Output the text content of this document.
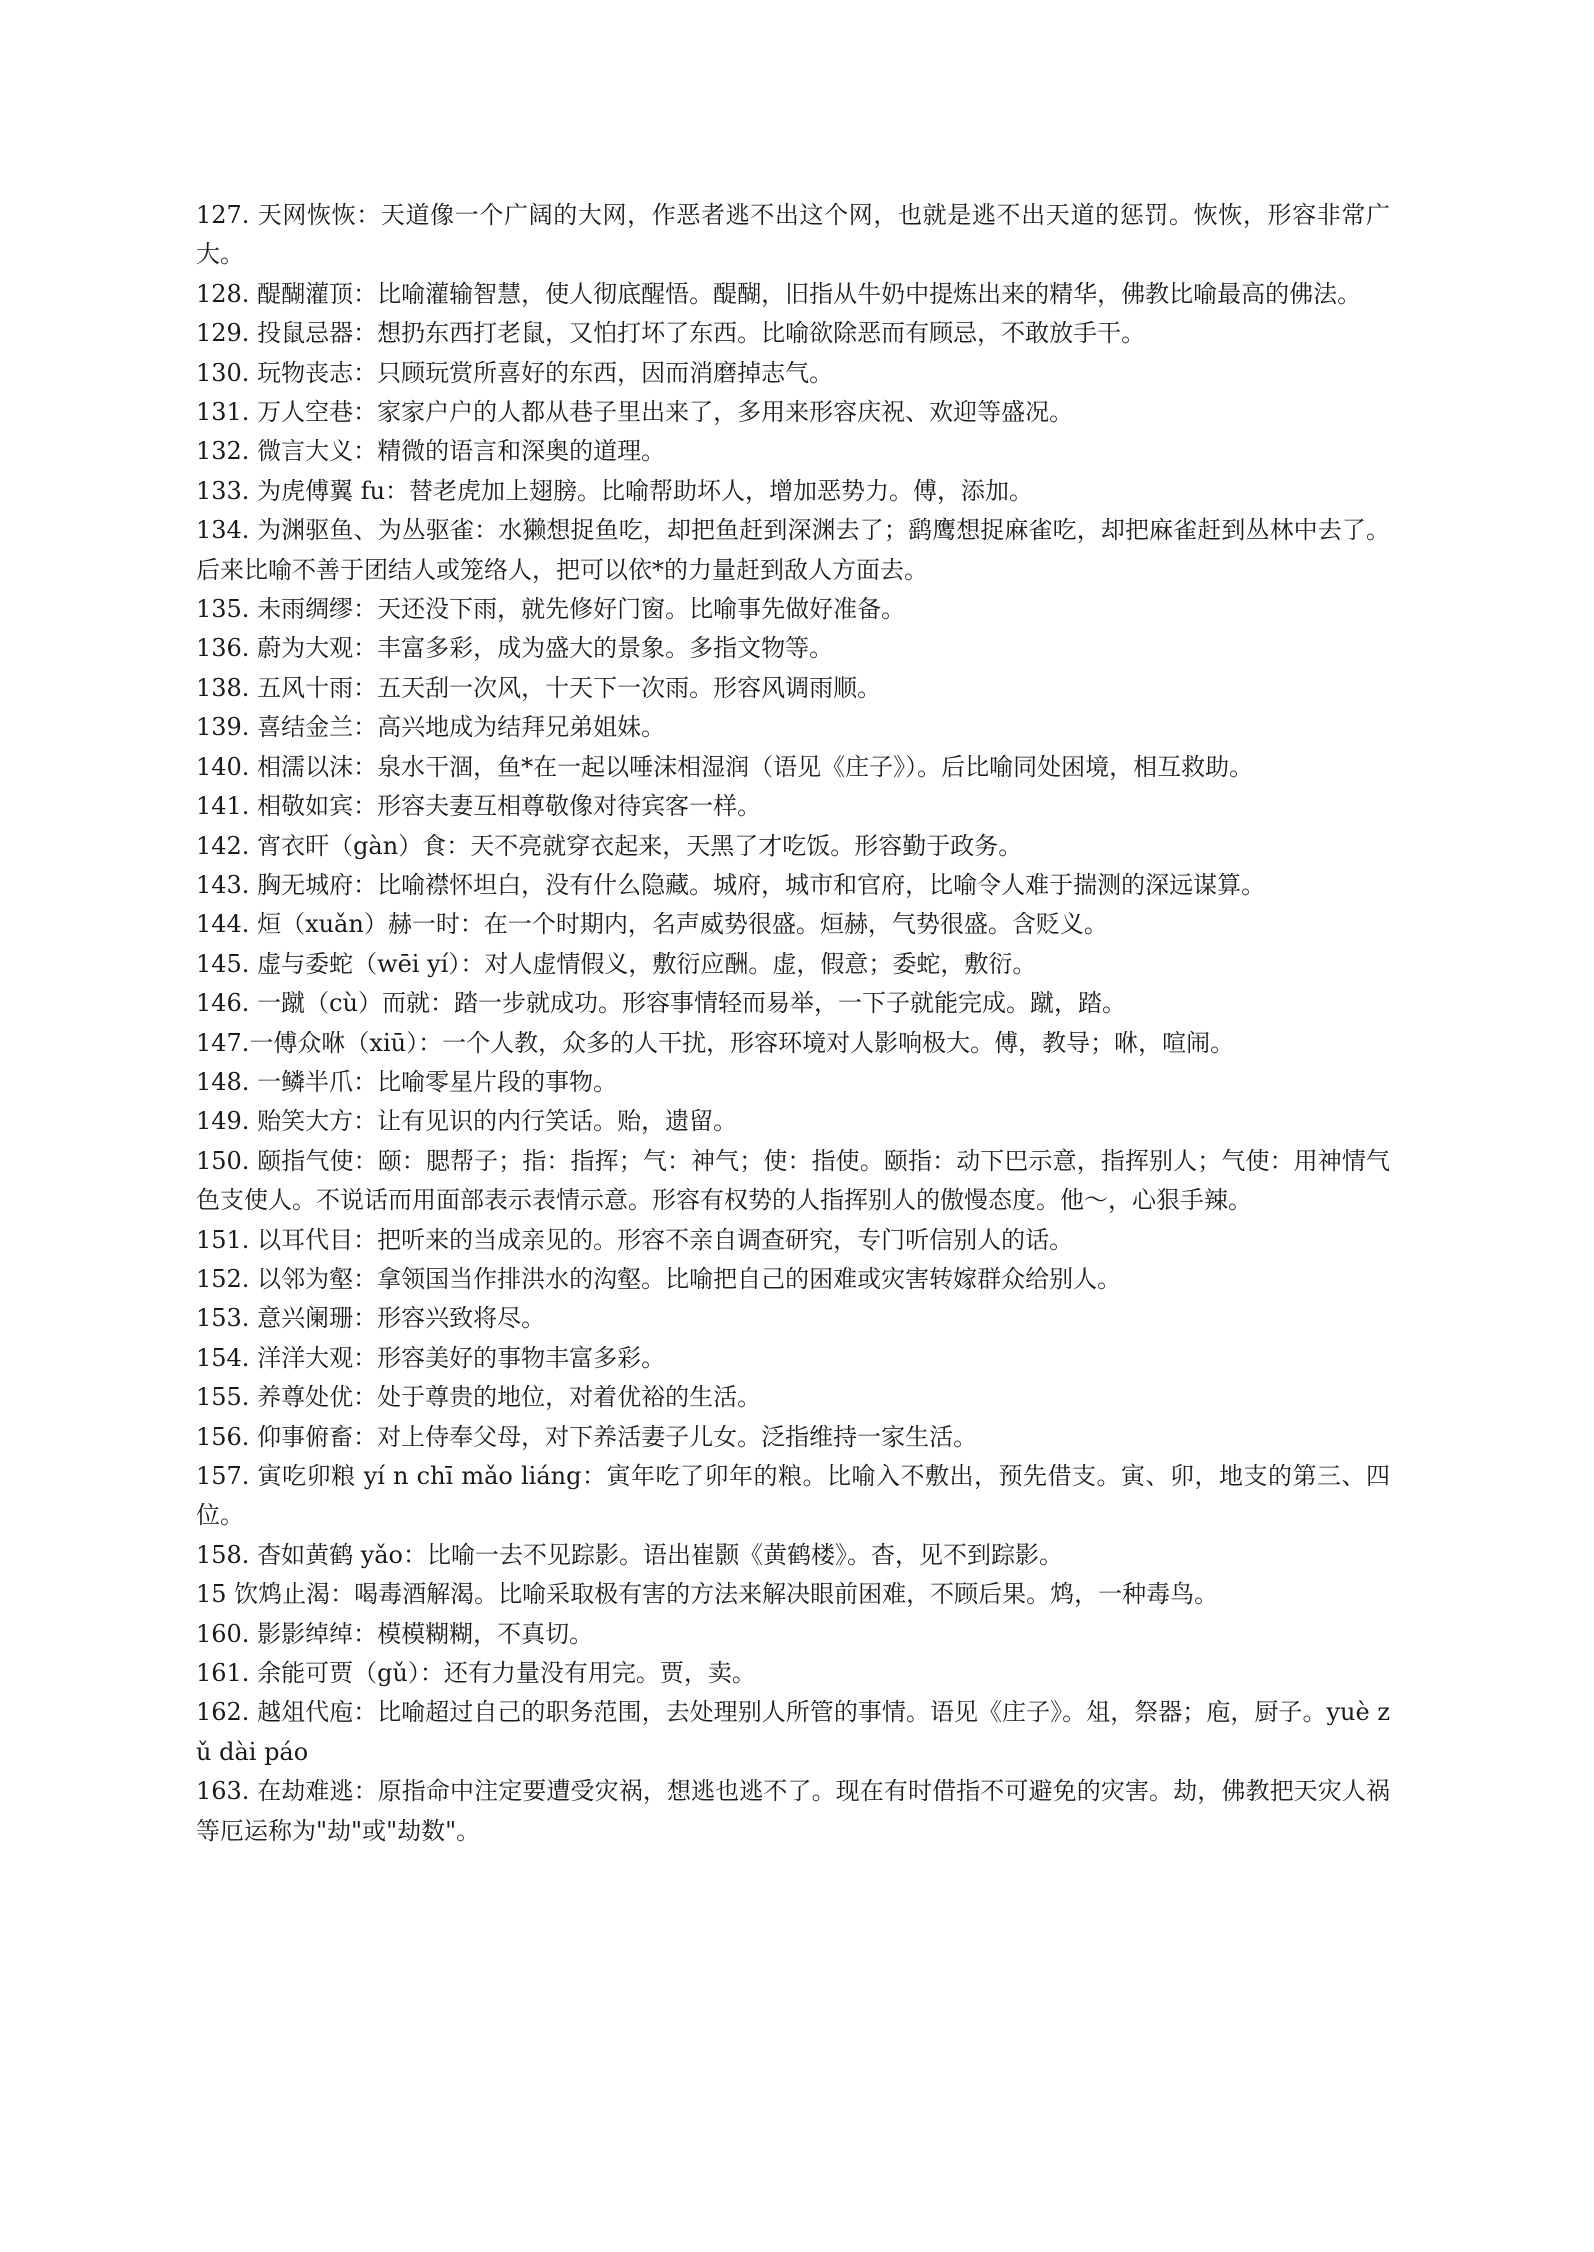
127. 天网恢恢：天道像一个广阔的大网，作恶者逃不出这个网，也就是逃不出天道的惩罚。恢恢，形容非常广大。

128. 醍醐灌顶：比喻灌输智慧，使人彻底醒悟。醍醐，旧指从牛奶中提炼出来的精华，佛教比喻最高的佛法。

129. 投鼠忌器：想扔东西打老鼠，又怕打坏了东西。比喻欲除恶而有顾忌，不敢放手干。

130. 玩物丧志：只顾玩赏所喜好的东西，因而消磨掉志气。

131. 万人空巷：家家户户的人都从巷子里出来了，多用来形容庆祝、欢迎等盛况。

132. 微言大义：精微的语言和深奥的道理。

133. 为虎傅翼 fu：替老虎加上翅膀。比喻帮助坏人，增加恶势力。傅，添加。

134. 为渊驱鱼、为丛驱雀：水獭想捉鱼吃，却把鱼赶到深渊去了；鹞鹰想捉麻雀吃，却把麻雀赶到丛林中去了。后来比喻不善于团结人或笼络人，把可以依*的力量赶到敌人方面去。

135. 未雨绸缪：天还没下雨，就先修好门窗。比喻事先做好准备。

136. 蔚为大观：丰富多彩，成为盛大的景象。多指文物等。

138. 五风十雨：五天刮一次风，十天下一次雨。形容风调雨顺。

139. 喜结金兰：高兴地成为结拜兄弟姐妹。

140. 相濡以沫：泉水干涸，鱼*在一起以唾沫相湿润（语见《庄子》）。后比喻同处困境，相互救助。

141. 相敬如宾：形容夫妻互相尊敬像对待宾客一样。

142. 宵衣旰（gàn）食：天不亮就穿衣起来，天黑了才吃饭。形容勤于政务。

143. 胸无城府：比喻襟怀坦白，没有什么隐藏。城府，城市和官府，比喻令人难于揣测的深远谋算。

144. 烜（xuǎn）赫一时：在一个时期内，名声威势很盛。烜赫，气势很盛。含贬义。

145. 虚与委蛇（wēi yí）：对人虚情假义，敷衍应酬。虚，假意；委蛇，敷衍。

146. 一蹴（cù）而就：踏一步就成功。形容事情轻而易举，一下子就能完成。蹴，踏。

147.一傅众咻（xiū）：一个人教，众多的人干扰，形容环境对人影响极大。傅，教导；咻，喧闹。

148. 一鳞半爪：比喻零星片段的事物。

149. 贻笑大方：让有见识的内行笑话。贻，遗留。

150. 颐指气使：颐：腮帮子；指：指挥；气：神气；使：指使。颐指：动下巴示意，指挥别人；气使：用神情气色支使人。不说话而用面部表示表情示意。形容有权势的人指挥别人的傲慢态度。他～，心狠手辣。

151. 以耳代目：把听来的当成亲见的。形容不亲自调查研究，专门听信别人的话。

152. 以邻为壑：拿领国当作排洪水的沟壑。比喻把自己的困难或灾害转嫁群众给别人。

153. 意兴阑珊：形容兴致将尽。

154. 洋洋大观：形容美好的事物丰富多彩。

155. 养尊处优：处于尊贵的地位，对着优裕的生活。

156. 仰事俯畜：对上侍奉父母，对下养活妻子儿女。泛指维持一家生活。

157. 寅吃卯粮 yí n chī mǎo liáng：寅年吃了卯年的粮。比喻入不敷出，预先借支。寅、卯，地支的第三、四位。

158. 杳如黄鹤 yǎo：比喻一去不见踪影。语出崔颢《黄鹤楼》。杳，见不到踪影。

15 饮鸩止渴：喝毒酒解渴。比喻采取极有害的方法来解决眼前困难，不顾后果。鸩，一种毒鸟。

160. 影影绰绰：模模糊糊，不真切。

161. 余能可贾（gǔ）：还有力量没有用完。贾，卖。

162. 越俎代庖：比喻超过自己的职务范围，去处理别人所管的事情。语见《庄子》。俎，祭器；庖，厨子。yuè zǔ dài páo

163. 在劫难逃：原指命中注定要遭受灾祸，想逃也逃不了。现在有时借指不可避免的灾害。劫，佛教把天灾人祸等厄运称为"劫"或"劫数"。
